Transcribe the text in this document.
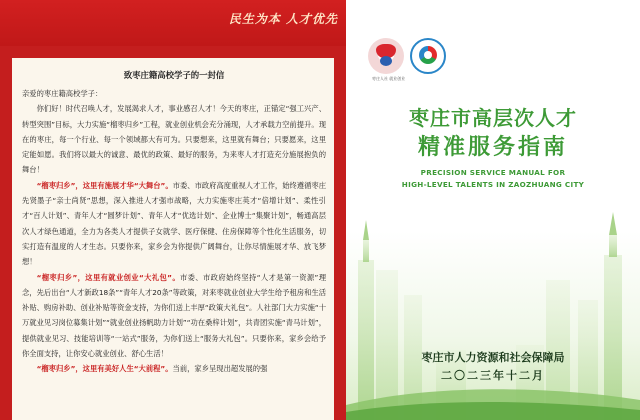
民生为本 人才优先
致枣庄籍高校学子的一封信

亲爱的枣庄籍高校学子：

你们好！时代召唤人才，发展渴求人才，事业感召人才！今天的枣庄，正锚定“强工兴产、转型突围”目标，大力实施“榴枣归乡”工程，就业创业机会充分涌现，人才承载力空前提升。现在的枣庄，每一个行业、每一个领域都大有可为。只要想来，这里就有舞台；只要愿来，这里定能如愿。我们将以最大的诚意、最优的政策、最好的服务，为来枣人才打造充分施展抱负的舞台！

“榴枣归乡”，这里有施展才华“大舞台”。市委、市政府高度重视人才工作，始终遵循枣庄先贤墨子“亲士尚贤”思想，深入推进人才强市战略，大力实施枣庄英才“倍增计划”、柔性引才“百人计划”、青年人才“圆梦计划”、青年人才“优选计划”、企业博士“集聚计划”，畅通高层次人才绿色通道，全力为各类人才提供子女就学、医疗保健、住房保障等个性化生活服务，切实打造有温度的人才生态。只要你来，家乡会为你提供广阔舞台，让你尽情施展才华、放飞梦想！

“榴枣归乡”，这里有就业创业“大礼包”。市委、市政府始终坚持“人才是第一资源”理念，先后出台“人才新政18条”“青年人才20条”等政策，对来枣就业创业大学生给予租房和生活补贴、购房补助、创业补贴等资金支持，为你们送上丰厚“政策大礼包”。人社部门大力实施“十万就业见习岗位募集计划”“就业创业扬帆助力计划”“功在桑梓计划”，共青团实施“青马计划”，提供就业见习、技能培训等“一站式”服务，为你们送上“服务大礼包”。只要你来，家乡会给予你全面支持，让你安心就业创业、舒心生活！

“榴枣归乡”，这里有美好人生“大前程”。当前，家乡呈现出超发展的强

枣庄人社 就业创业
枣庄市高层次人才
精准服务指南
PRECISION SERVICE MANUAL FOR
HIGH-LEVEL TALENTS IN ZAOZHUANG CITY
枣庄市人力资源和社会保障局
二〇二三年十二月
